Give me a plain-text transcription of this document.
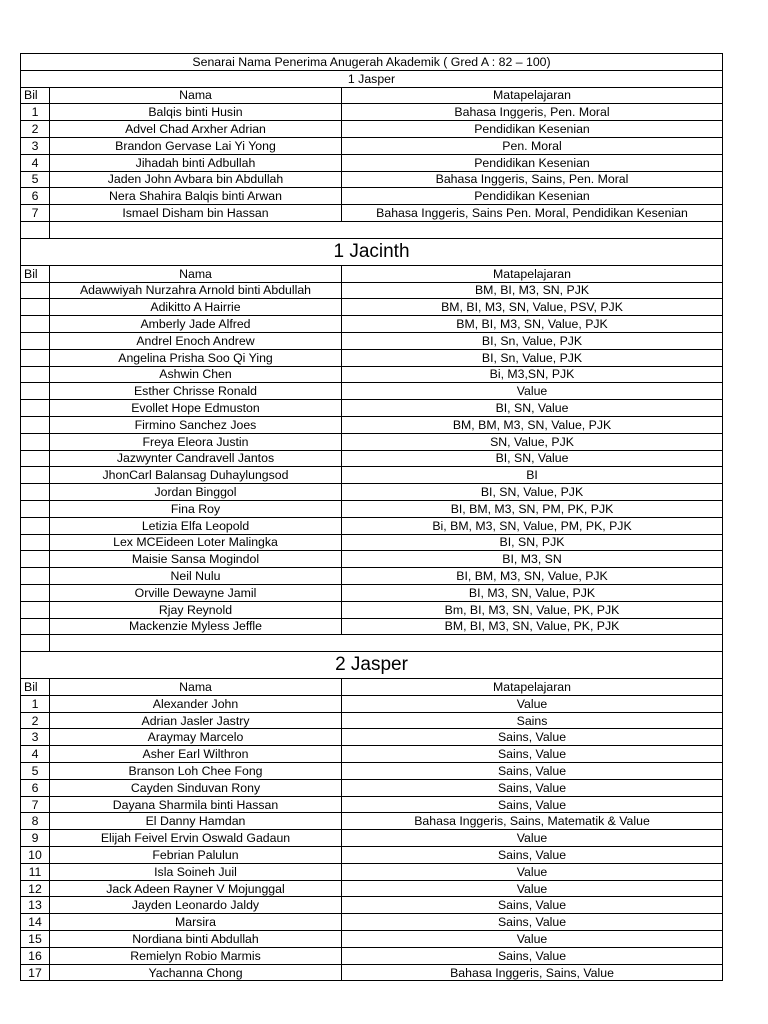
Senarai Nama Penerima Anugerah Akademik ( Gred A : 82 – 100)		
1 Jasper		
Bil	Nama	Matapelajaran
1	Balqis binti Husin	Bahasa Inggeris, Pen. Moral
2	Advel Chad Arxher Adrian	Pendidikan Kesenian
3	Brandon Gervase Lai Yi Yong	Pen. Moral
4	Jihadah binti Adbullah	Pendidikan Kesenian
5	Jaden John Avbara bin Abdullah	Bahasa Inggeris, Sains, Pen. Moral
6	Nera Shahira Balqis binti Arwan	Pendidikan Kesenian
7	Ismael Disham bin Hassan	Bahasa Inggeris, Sains Pen. Moral, Pendidikan Kesenian

1 Jacinth		
Bil	Nama	Matapelajaran
	Adawwiyah Nurzahra Arnold binti Abdullah	BM, BI, M3, SN, PJK
	Adikitto A Hairrie	BM, BI, M3, SN, Value, PSV, PJK
	Amberly Jade Alfred	BM, BI, M3, SN, Value, PJK
	Andrel Enoch Andrew	BI, Sn, Value, PJK
	Angelina Prisha Soo Qi Ying	BI, Sn, Value, PJK
	Ashwin Chen	Bi, M3,SN, PJK
	Esther Chrisse Ronald	Value
	Evollet Hope Edmuston	BI, SN, Value
	Firmino Sanchez Joes	BM, BM, M3, SN, Value, PJK
	Freya Eleora Justin	SN, Value, PJK
	Jazwynter Candravell Jantos	BI, SN, Value
	JhonCarl Balansag Duhaylungsod	BI
	Jordan Binggol	BI, SN, Value, PJK
	Fina Roy	BI, BM, M3, SN, PM, PK, PJK
	Letizia Elfa Leopold	Bi, BM, M3, SN, Value, PM, PK, PJK
	Lex MCEideen Loter Malingka	BI, SN, PJK
	Maisie Sansa Mogindol	BI, M3, SN
	Neil Nulu	BI, BM, M3, SN, Value, PJK
	Orville Dewayne Jamil	BI, M3, SN, Value, PJK
	Rjay Reynold	Bm, BI, M3, SN, Value, PK, PJK
	Mackenzie Myless Jeffle	BM, BI, M3, SN, Value, PK, PJK

2 Jasper		
Bil	Nama	Matapelajaran
1	Alexander John	Value
2	Adrian Jasler Jastry	Sains
3	Araymay Marcelo	Sains, Value
4	Asher Earl Wilthron	Sains, Value
5	Branson Loh Chee Fong	Sains, Value
6	Cayden Sinduvan Rony	Sains, Value
7	Dayana Sharmila binti Hassan	Sains, Value
8	El Danny Hamdan	Bahasa Inggeris, Sains, Matematik & Value
9	Elijah Feivel Ervin Oswald Gadaun	Value
10	Febrian Palulun	Sains, Value
11	Isla Soineh Juil	Value
12	Jack Adeen Rayner V Mojunggal	Value
13	Jayden Leonardo Jaldy	Sains, Value
14	Marsira	Sains, Value
15	Nordiana binti Abdullah	Value
16	Remielyn Robio Marmis	Sains, Value
17	Yachanna Chong	Bahasa Inggeris, Sains, Value
